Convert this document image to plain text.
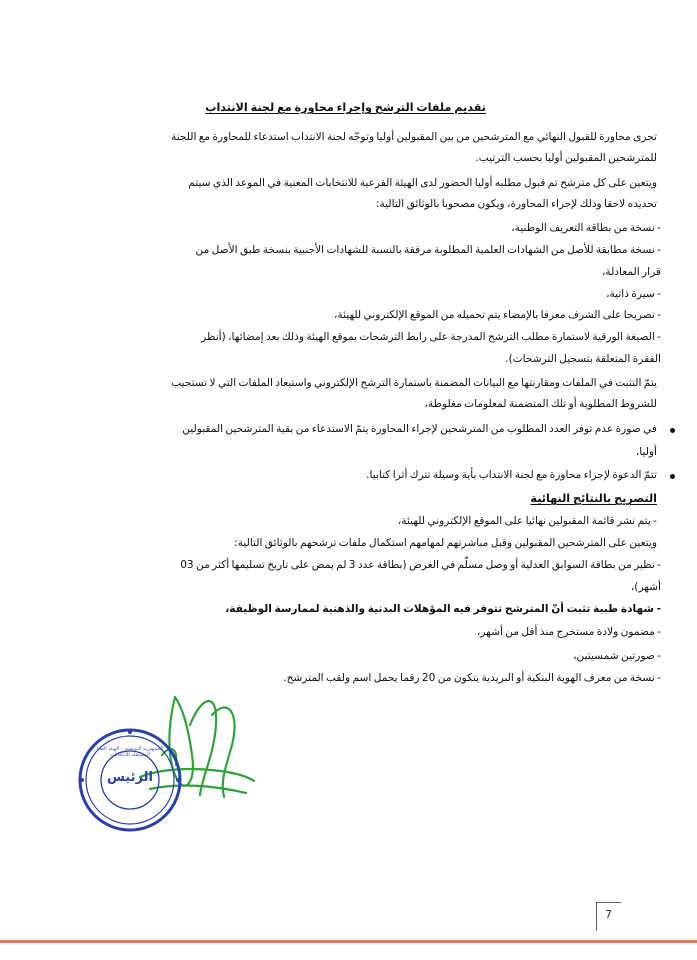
تقديم ملفات الترشح وإجراء محاورة مع لجنة الانتداب
تجرى محاورة للقبول النهائي مع المترشحين من بين المقبولين أوليا وتوجّه لجنة الانتداب استدعاء للمحاورة مع اللجنة
للمترشحين المقبولين أوليا بحسب الترتيب.
ويتعين على كل مترشح تم قبول مطلبه أوليا الحضور لدى الهيئة الفرعية للانتخابات المعنية في الموعد الذي سيتم
تحديده لاحقا وذلك لإجراء المحاورة، ويكون مصحوبا بالوثائق التالية:
- نسخة من بطاقة التعريف الوطنية،
- نسخة مطابقة للأصل من الشهادات العلمية المطلوبة مرفقة بالنسبة للشهادات الأجنبية بنسخة طبق الأصل من
قرار المعادلة،
- سيرة ذاتية،
- تصريحا على الشرف معرفا بالإمضاء يتم تحميله من الموقع الإلكتروني للهيئة،
- الصيغة الورقية لاستمارة مطلب الترشح المدرجة على رابط الترشحات بموقع الهيئة وذلك بعد إمضائها، (أنظر
الفقرة المتعلقة بتسجيل الترشحات).
يتمّ التثبت في الملفات ومقارنتها مع البيانات المضمنة باستمارة الترشح الإلكتروني واستبعاد الملفات التي لا تستجيب
للشروط المطلوبة أو تلك المتضمنة لمعلومات مغلوطة،
في صورة عدم توفر العدد المطلوب من المترشحين لإجراء المحاورة يتمّ الاستدعاء من بقية المترشحين المقبولين
أوليا،
تتمّ الدعوة لإجراء محاورة مع لجنة الانتداب بأية وسيلة تترك أثرا كتابيا.
التصريح بالنتائج النهائية
- يتم نشر قائمة المقبولين نهائيا على الموقع الإلكتروني للهيئة،
ويتعين على المترشحين المقبولين وقبل مباشرتهم لمهامهم استكمال ملفات ترشحهم بالوثائق التالية:
- نظير من بطاقة السوابق العدلية أو وصل مسلّم في الغرض (بطاقة عدد 3 لم يمض على تاريخ تسليمها أكثر من 03
أشهر)،
- شهادة طبية تثبت أنّ المترشح تتوفر فيه المؤهلات البدنية والذهنية لممارسة الوظيفة،
- مضمون ولادة مستخرج منذ أقل من أشهر،
- صورتين شمسيتين،
- نسخة من معرف الهوية البنكية أو البريدية يتكون من 20 رقما يحمل اسم ولقب المترشح.
الرئيس
الجمهورية التونسية - الهيئة العليا المستقلة للانتخابات
7
